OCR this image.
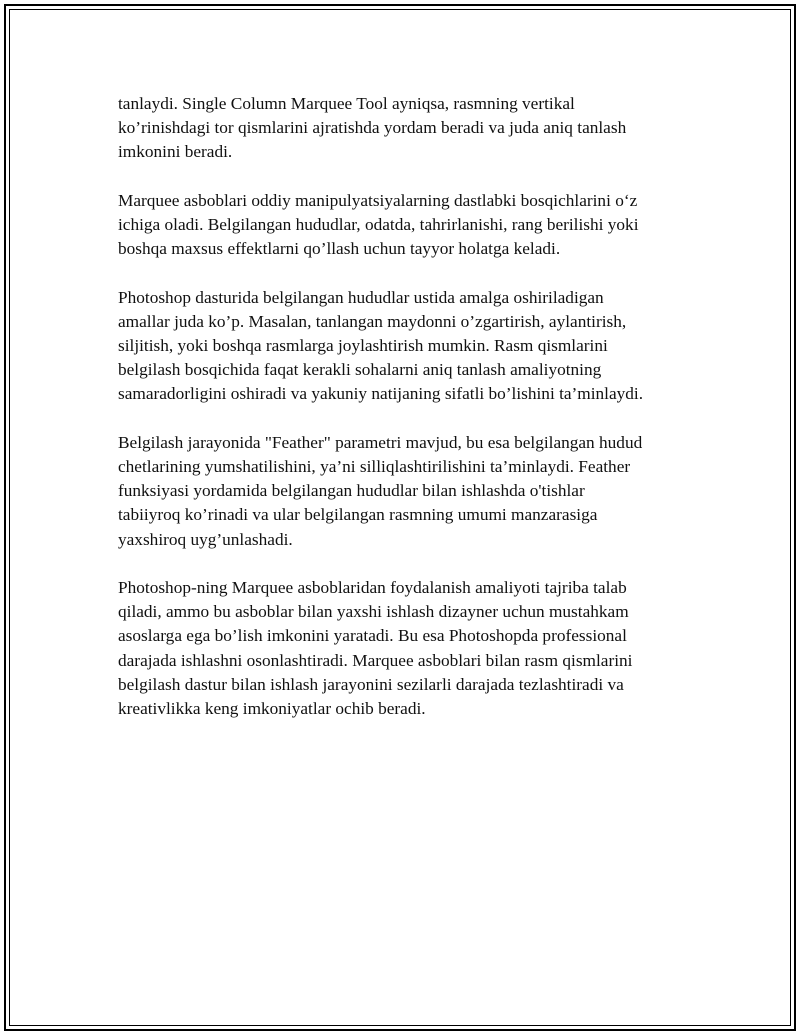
tanlaydi. Single Column Marquee Tool ayniqsa, rasmning vertikal
ko’rinishdagi tor qismlarini ajratishda yordam beradi va juda aniq tanlash
imkonini beradi.

Marquee asboblari oddiy manipulyatsiyalarning dastlabki bosqichlarini o‘z
ichiga oladi. Belgilangan hududlar, odatda, tahrirlanishi, rang berilishi yoki
boshqa maxsus effektlarni qo’llash uchun tayyor holatga keladi.

Photoshop dasturida belgilangan hududlar ustida amalga oshiriladigan
amallar juda ko’p. Masalan, tanlangan maydonni o’zgartirish, aylantirish,
siljitish, yoki boshqa rasmlarga joylashtirish mumkin. Rasm qismlarini
belgilash bosqichida faqat kerakli sohalarni aniq tanlash amaliyotning
samaradorligini oshiradi va yakuniy natijaning sifatli bo’lishini ta’minlaydi.

Belgilash jarayonida "Feather" parametri mavjud, bu esa belgilangan hudud
chetlarining yumshatilishini, ya’ni silliqlashtirilishini ta’minlaydi. Feather
funksiyasi yordamida belgilangan hududlar bilan ishlashda o'tishlar
tabiiyroq ko’rinadi va ular belgilangan rasmning umumi manzarasiga
yaxshiroq uyg’unlashadi.

Photoshop-ning Marquee asboblaridan foydalanish amaliyoti tajriba talab
qiladi, ammo bu asboblar bilan yaxshi ishlash dizayner uchun mustahkam
asoslarga ega bo’lish imkonini yaratadi. Bu esa Photoshopda professional
darajada ishlashni osonlashtiradi. Marquee asboblari bilan rasm qismlarini
belgilash dastur bilan ishlash jarayonini sezilarli darajada tezlashtiradi va
kreativlikka keng imkoniyatlar ochib beradi.
